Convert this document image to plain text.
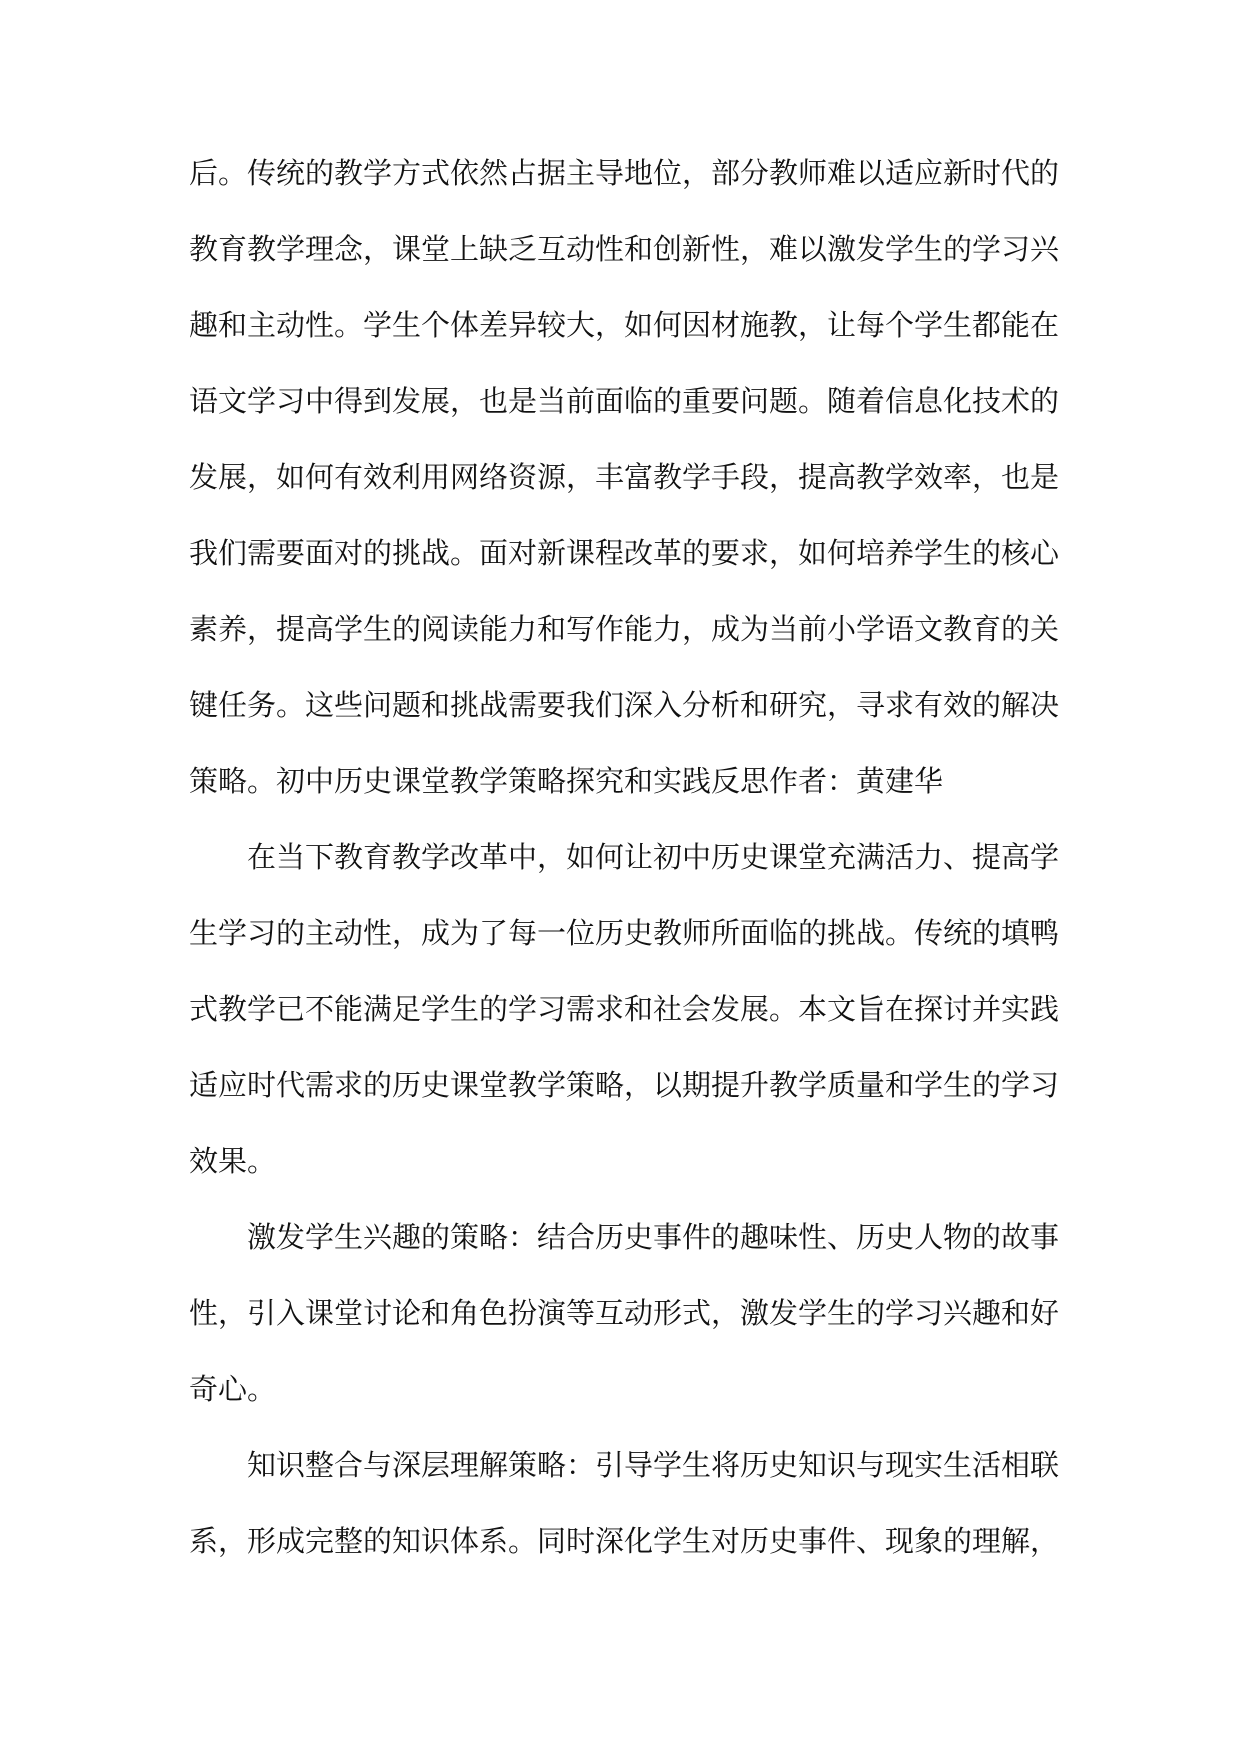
后。传统的教学方式依然占据主导地位，部分教师难以适应新时代的
教育教学理念，课堂上缺乏互动性和创新性，难以激发学生的学习兴
趣和主动性。学生个体差异较大，如何因材施教，让每个学生都能在
语文学习中得到发展，也是当前面临的重要问题。随着信息化技术的
发展，如何有效利用网络资源，丰富教学手段，提高教学效率，也是
我们需要面对的挑战。面对新课程改革的要求，如何培养学生的核心
素养，提高学生的阅读能力和写作能力，成为当前小学语文教育的关
键任务。这些问题和挑战需要我们深入分析和研究，寻求有效的解决
策略。初中历史课堂教学策略探究和实践反思作者：黄建华
在当下教育教学改革中，如何让初中历史课堂充满活力、提高学
生学习的主动性，成为了每一位历史教师所面临的挑战。传统的填鸭
式教学已不能满足学生的学习需求和社会发展。本文旨在探讨并实践
适应时代需求的历史课堂教学策略，以期提升教学质量和学生的学习
效果。
激发学生兴趣的策略：结合历史事件的趣味性、历史人物的故事
性，引入课堂讨论和角色扮演等互动形式，激发学生的学习兴趣和好
奇心。
知识整合与深层理解策略：引导学生将历史知识与现实生活相联
系，形成完整的知识体系。同时深化学生对历史事件、现象的理解，
